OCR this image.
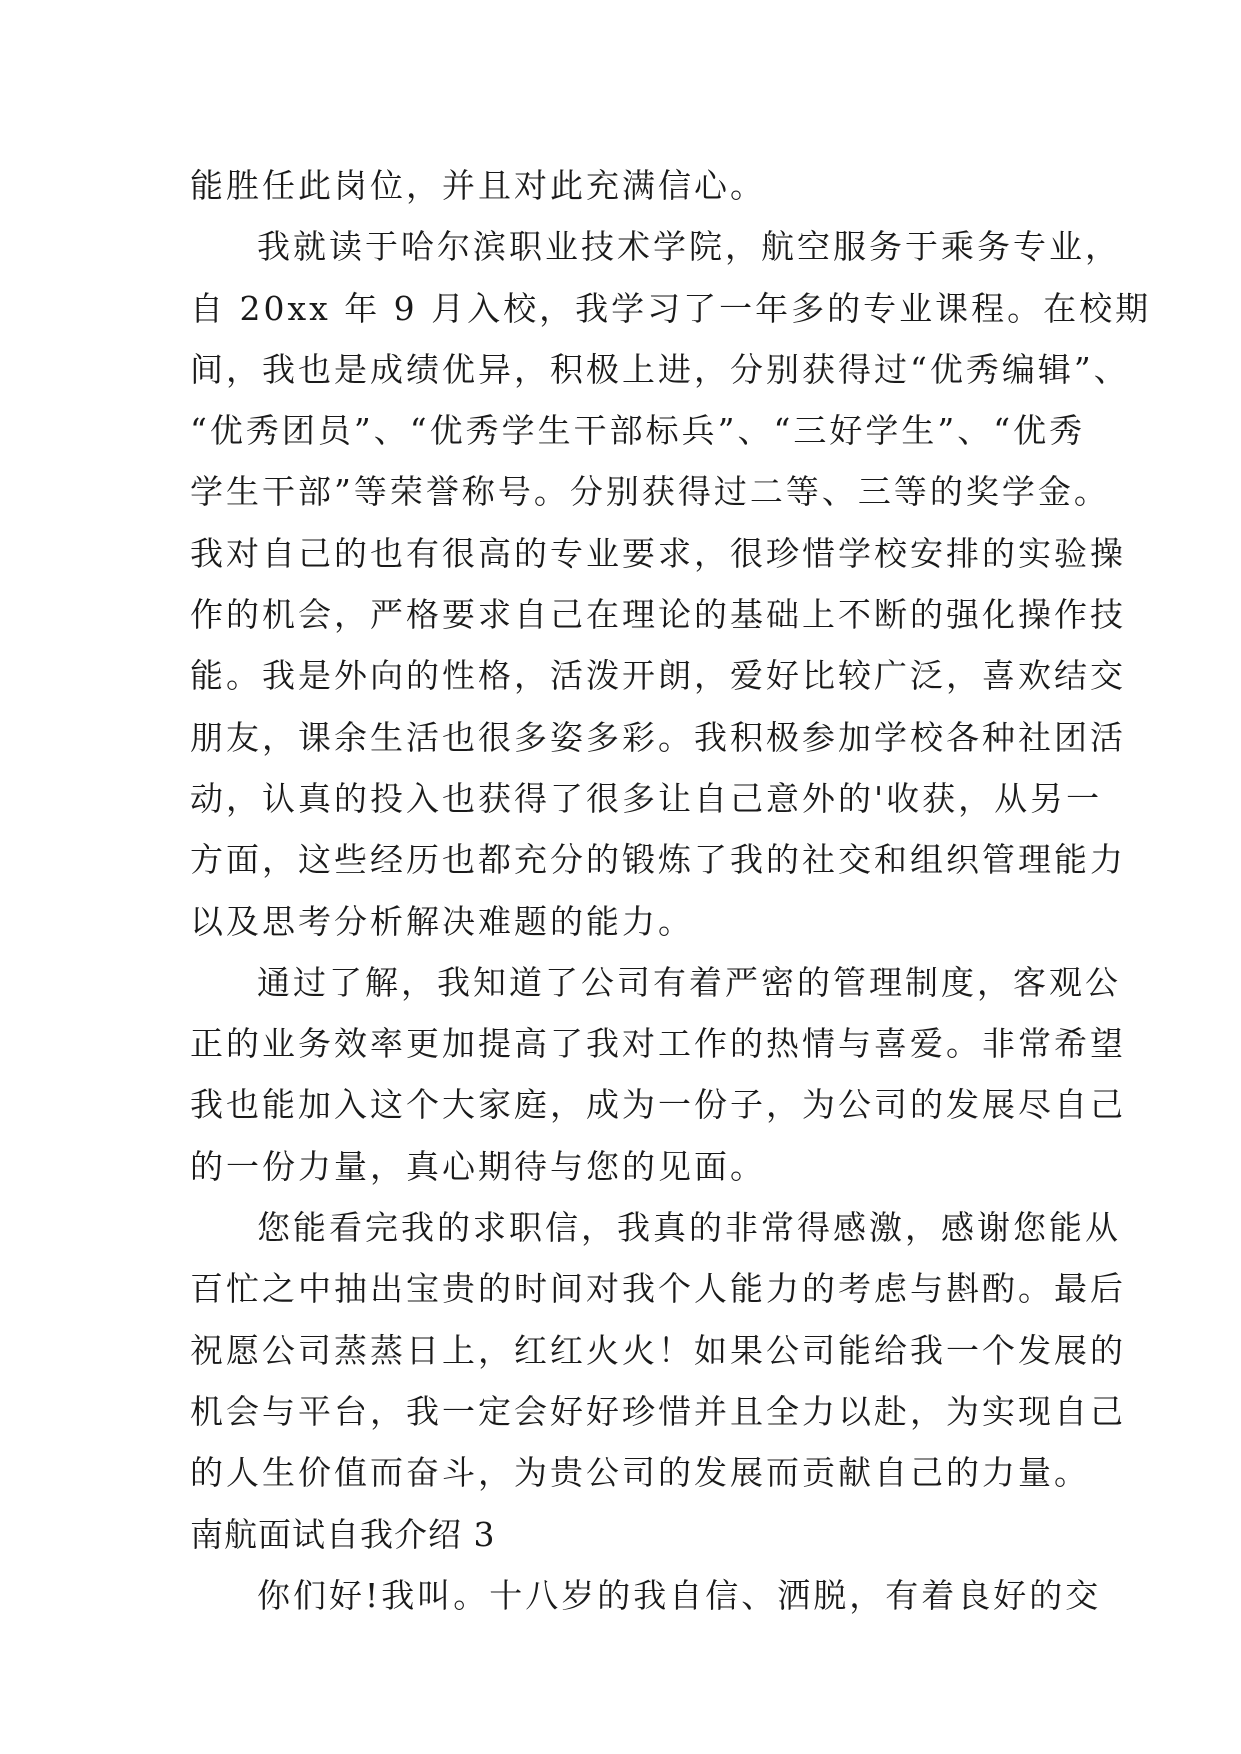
能胜任此岗位，并且对此充满信心。
我就读于哈尔滨职业技术学院，航空服务于乘务专业，
自 20xx 年 9 月入校，我学习了一年多的专业课程。在校期
间，我也是成绩优异，积极上进，分别获得过“优秀编辑”、
“优秀团员”、“优秀学生干部标兵”、“三好学生”、“优秀
学生干部”等荣誉称号。分别获得过二等、三等的奖学金。
我对自己的也有很高的专业要求，很珍惜学校安排的实验操
作的机会，严格要求自己在理论的基础上不断的强化操作技
能。我是外向的性格，活泼开朗，爱好比较广泛，喜欢结交
朋友，课余生活也很多姿多彩。我积极参加学校各种社团活
动，认真的投入也获得了很多让自己意外的'收获，从另一
方面，这些经历也都充分的锻炼了我的社交和组织管理能力
以及思考分析解决难题的能力。
通过了解，我知道了公司有着严密的管理制度，客观公
正的业务效率更加提高了我对工作的热情与喜爱。非常希望
我也能加入这个大家庭，成为一份子，为公司的发展尽自己
的一份力量，真心期待与您的见面。
您能看完我的求职信，我真的非常得感激，感谢您能从
百忙之中抽出宝贵的时间对我个人能力的考虑与斟酌。最后
祝愿公司蒸蒸日上，红红火火！如果公司能给我一个发展的
机会与平台，我一定会好好珍惜并且全力以赴，为实现自己
的人生价值而奋斗，为贵公司的发展而贡献自己的力量。
南航面试自我介绍 3
你们好!我叫。十八岁的我自信、洒脱，有着良好的交
